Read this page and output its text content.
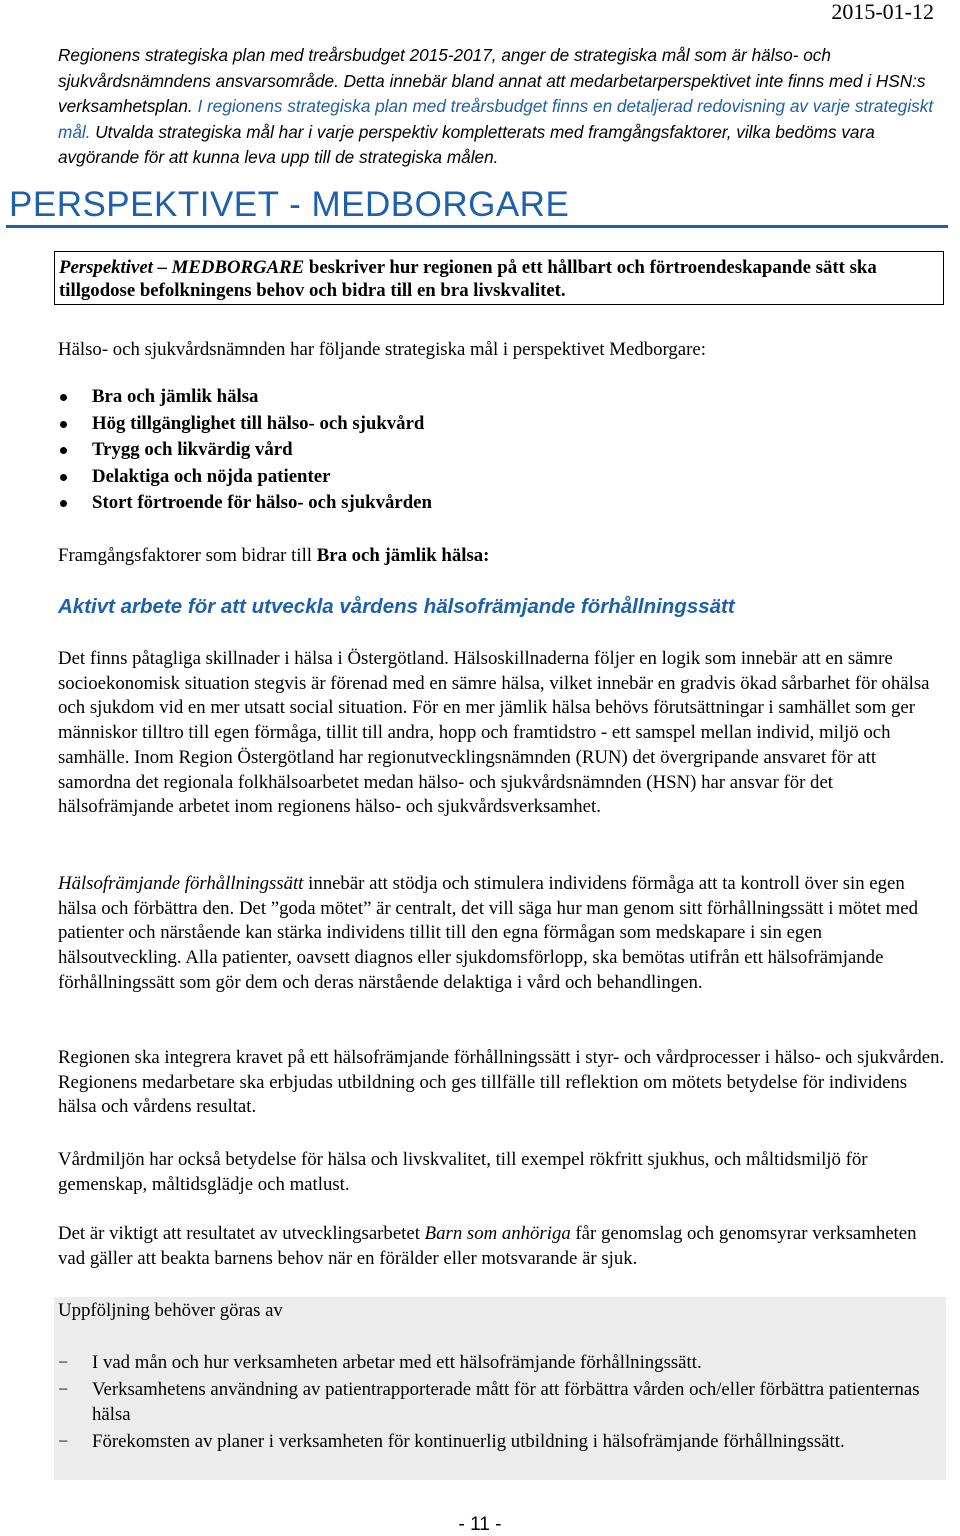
2015-01-12

Regionens strategiska plan med treårsbudget 2015-2017, anger de strategiska mål som är hälso- och sjukvårdsnämndens ansvarsområde. Detta innebär bland annat att medarbetarperspektivet inte finns med i HSN:s verksamhetsplan. I regionens strategiska plan med treårsbudget finns en detaljerad redovisning av varje strategiskt mål. Utvalda strategiska mål har i varje perspektiv kompletterats med framgångsfaktorer, vilka bedöms vara avgörande för att kunna leva upp till de strategiska målen.

PERSPEKTIVET - MEDBORGARE
Perspektivet – MEDBORGARE beskriver hur regionen på ett hållbart och förtroendeskapande sätt ska tillgodose befolkningens behov och bidra till en bra livskvalitet.

Hälso- och sjukvårdsnämnden har följande strategiska mål i perspektivet Medborgare:

Bra och jämlik hälsa
Hög tillgänglighet till hälso- och sjukvård
Trygg och likvärdig vård
Delaktiga och nöjda patienter
Stort förtroende för hälso- och sjukvården

Framgångsfaktorer som bidrar till Bra och jämlik hälsa:

Aktivt arbete för att utveckla vårdens hälsofrämjande förhållningssätt

Det finns påtagliga skillnader i hälsa i Östergötland. Hälsoskillnaderna följer en logik som innebär att en sämre socioekonomisk situation stegvis är förenad med en sämre hälsa, vilket innebär en gradvis ökad sårbarhet för ohälsa och sjukdom vid en mer utsatt social situation. För en mer jämlik hälsa behövs förutsättningar i samhället som ger människor tilltro till egen förmåga, tillit till andra, hopp och framtidstro - ett samspel mellan individ, miljö och samhälle. Inom Region Östergötland har regionutvecklingsnämnden (RUN) det övergripande ansvaret för att samordna det regionala folkhälsoarbetet medan hälso- och sjukvårdsnämnden (HSN) har ansvar för det hälsofrämjande arbetet inom regionens hälso- och sjukvårdsverksamhet.

Hälsofrämjande förhållningssätt innebär att stödja och stimulera individens förmåga att ta kontroll över sin egen hälsa och förbättra den. Det ”goda mötet” är centralt, det vill säga hur man genom sitt förhållningssätt i mötet med patienter och närstående kan stärka individens tillit till den egna förmågan som medskapare i sin egen hälsoutveckling. Alla patienter, oavsett diagnos eller sjukdomsförlopp, ska bemötas utifrån ett hälsofrämjande förhållningssätt som gör dem och deras närstående delaktiga i vård och behandlingen.

Regionen ska integrera kravet på ett hälsofrämjande förhållningssätt i styr- och vårdprocesser i hälso- och sjukvården. Regionens medarbetare ska erbjudas utbildning och ges tillfälle till reflektion om mötets betydelse för individens hälsa och vårdens resultat.

Vårdmiljön har också betydelse för hälsa och livskvalitet, till exempel rökfritt sjukhus, och måltidsmiljö för gemenskap, måltidsglädje och matlust.

Det är viktigt att resultatet av utvecklingsarbetet Barn som anhöriga får genomslag och genomsyrar verksamheten vad gäller att beakta barnens behov när en förälder eller motsvarande är sjuk.

Uppföljning behöver göras av

− I vad mån och hur verksamheten arbetar med ett hälsofrämjande förhållningssätt.
− Verksamhetens användning av patientrapporterade mått för att förbättra vården och/eller förbättra patienternas hälsa
− Förekomsten av planer i verksamheten för kontinuerlig utbildning i hälsofrämjande förhållningssätt.
- 11 -
